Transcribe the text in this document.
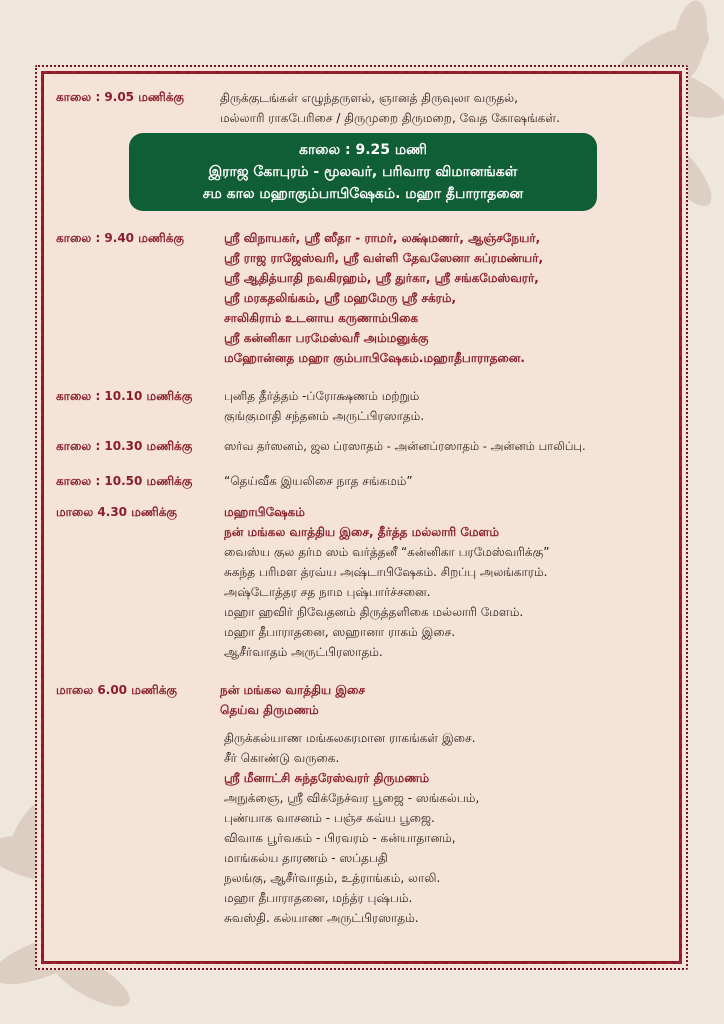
காலை : 9.05 மணிக்கு	திருக்குடங்கள் எழுந்தருளல், ஞானத் திருவுலா வருதல்,
மல்லாரி ராகபேரிசை / திருமுறை திருமறை, வேத கோஷங்கள்.
காலை : 9.25 மணி
இராஜ கோபுரம் - மூலவர், பரிவார விமானங்கள்
சம கால மஹாகும்பாபிஷேகம். மஹா தீபாராதனை
காலை : 9.40 மணிக்கு	ஸ்ரீ விநாயகர், ஸ்ரீ ஸீதா - ராமர், லக்ஷ்மணர், ஆஞ்சநேயர்,
ஸ்ரீ ராஜ ராஜேஸ்வரி, ஸ்ரீ வள்ளி தேவஸேனா சுப்ரமண்யர்,
ஸ்ரீ ஆதித்யாதி நவகிரஹம், ஸ்ரீ துர்கா, ஸ்ரீ சங்கமேஸ்வரர்,
ஸ்ரீ மரகதலிங்கம், ஸ்ரீ மஹமேரு ஸ்ரீ சக்ரம்,
சாலிகிராம் உடனாய கருணாம்பிகை
ஸ்ரீ கன்னிகா பரமேஸ்வரீ அம்மனுக்கு
மஹோன்னத மஹா கும்பாபிஷேகம்.மஹாதீபாராதனை.
காலை : 10.10 மணிக்கு	புனித தீர்த்தம் -ப்ரோக்ஷணம் மற்றும்
குங்குமாதி சந்தனம் அருட்பிரஸாதம்.
காலை : 10.30 மணிக்கு	ஸர்வ தர்ஸனம், ஜல ப்ரஸாதம் - அன்னப்ரஸாதம் - அன்னம் பாலிப்பு.
காலை : 10.50 மணிக்கு	“தெய்வீக இயலிசை நாத சங்கமம்”
மாலை 4.30 மணிக்கு	மஹாபிஷேகம்
நன் மங்கல வாத்திய இசை, தீர்த்த மல்லாரி மேளம்
வைஸ்ய குல தர்ம ஸம் வர்த்தனீ “கன்னிகா பரமேஸ்வரிக்கு”
சுகந்த பரிமள த்ரவ்ய அஷ்டாபிஷேகம். சிறப்பு அலங்காரம்.
அஷ்டோத்தர சத நாம புஷ்பார்ச்சனை.
மஹா ஹவிர் நிவேதனம் திருத்தளிகை மல்லாரி மேளம்.
மஹா தீபாராதனை, ஸஹானா ராகம் இசை.
ஆசீர்வாதம் அருட்பிரஸாதம்.
மாலை 6.00 மணிக்கு	நன் மங்கல வாத்திய இசை
தெய்வ திருமணம்
திருக்கல்யாண மங்கலகரமான ராகங்கள் இசை.
சீர் கொண்டு வருகை.
ஸ்ரீ மீனாட்சி சுந்தரேஸ்வரர் திருமணம்
அநுக்ஞை, ஸ்ரீ விக்நேச்வர பூஜை - ஸங்கல்பம்,
புண்யாக வாசனம் - பஞ்ச கவ்ய பூஜை.
விவாக பூர்வகம் - பிரவரம் - கன்யாதானம்,
மாங்கல்ய தாரணம் - ஸப்தபதி
நலங்கு, ஆசீர்வாதம், உத்ராங்கம், லாலி.
மஹா தீபாராதனை, மந்த்ர புஷ்பம்.
சுவஸ்தி. கல்யாண அருட்பிரஸாதம்.
